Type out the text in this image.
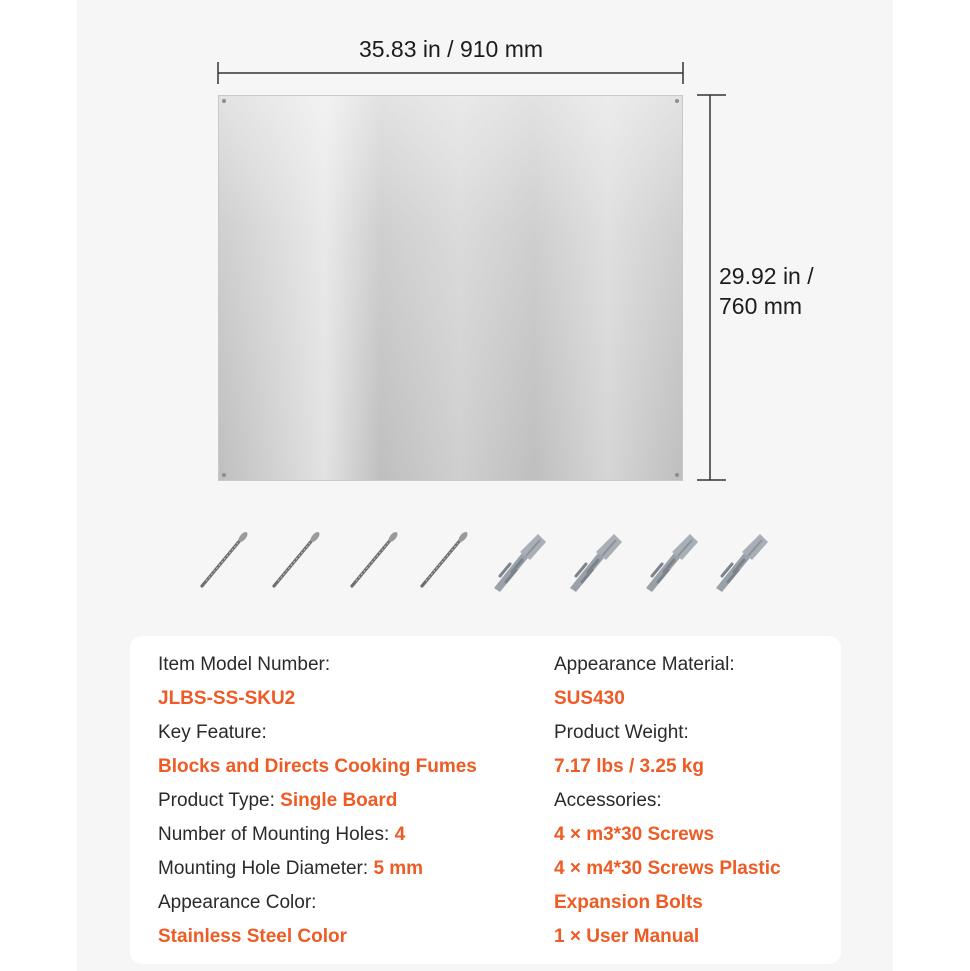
35.83 in / 910 mm
29.92 in /
760 mm
Item Model Number:
JLBS-SS-SKU2
Key Feature:
Blocks and Directs Cooking Fumes
Product Type: Single Board
Number of Mounting Holes: 4
Mounting Hole Diameter: 5 mm
Appearance Color:
Stainless Steel Color
Appearance Material:
SUS430
Product Weight:
7.17 lbs / 3.25 kg
Accessories:
4 × m3*30 Screws
4 × m4*30 Screws Plastic
Expansion Bolts
1 × User Manual
